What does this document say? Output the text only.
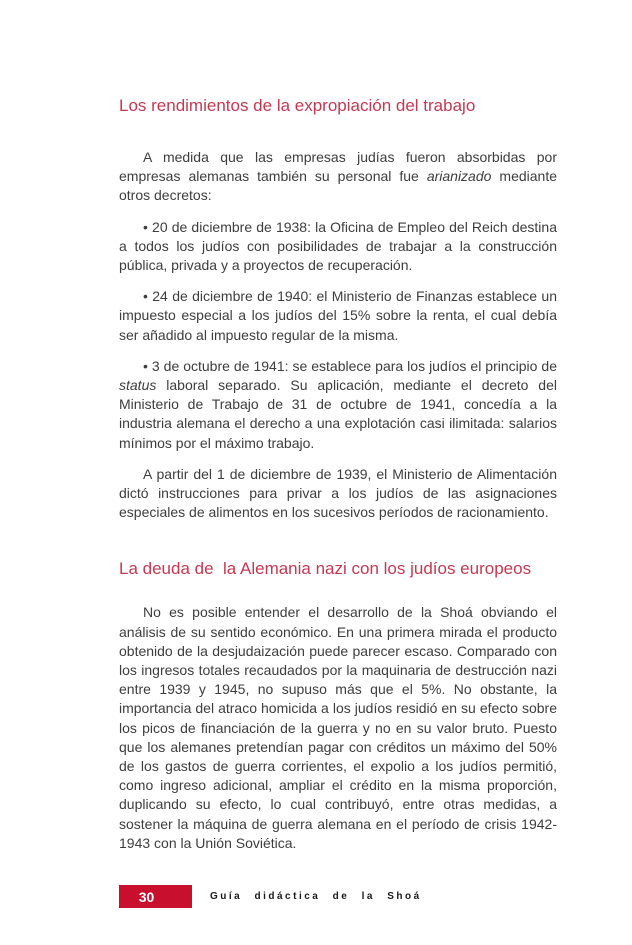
Los rendimientos de la expropiación del trabajo

A medida que las empresas judías fueron absorbidas por empresas alemanas también su personal fue arianizado mediante otros decretos:

• 20 de diciembre de 1938: la Oficina de Empleo del Reich destina a todos los judíos con posibilidades de trabajar a la construcción pública, privada y a proyectos de recuperación.

• 24 de diciembre de 1940: el Ministerio de Finanzas establece un impuesto especial a los judíos del 15% sobre la renta, el cual debía ser añadido al impuesto regular de la misma.

• 3 de octubre de 1941: se establece para los judíos el principio de status laboral separado. Su aplicación, mediante el decreto del Ministerio de Trabajo de 31 de octubre de 1941, concedía a la industria alemana el derecho a una explotación casi ilimitada: salarios mínimos por el máximo trabajo.

A partir del 1 de diciembre de 1939, el Ministerio de Alimentación dictó instrucciones para privar a los judíos de las asignaciones especiales de alimentos en los sucesivos períodos de racionamiento.

La deuda de  la Alemania nazi con los judíos europeos

No es posible entender el desarrollo de la Shoá obviando el análisis de su sentido económico. En una primera mirada el producto obtenido de la desjudaización puede parecer escaso. Comparado con los ingresos totales recaudados por la maquinaria de destrucción nazi entre 1939 y 1945, no supuso más que el 5%. No obstante, la importancia del atraco homicida a los judíos residió en su efecto sobre los picos de financiación de la guerra y no en su valor bruto. Puesto que los alemanes pretendían pagar con créditos un máximo del 50% de los gastos de guerra corrientes, el expolio a los judíos permitió, como ingreso adicional, ampliar el crédito en la misma proporción, duplicando su efecto, lo cual contribuyó, entre otras medidas, a sostener la máquina de guerra alemana en el período de crisis 1942-1943 con la Unión Soviética.

30	Guía didáctica de la Shoá
